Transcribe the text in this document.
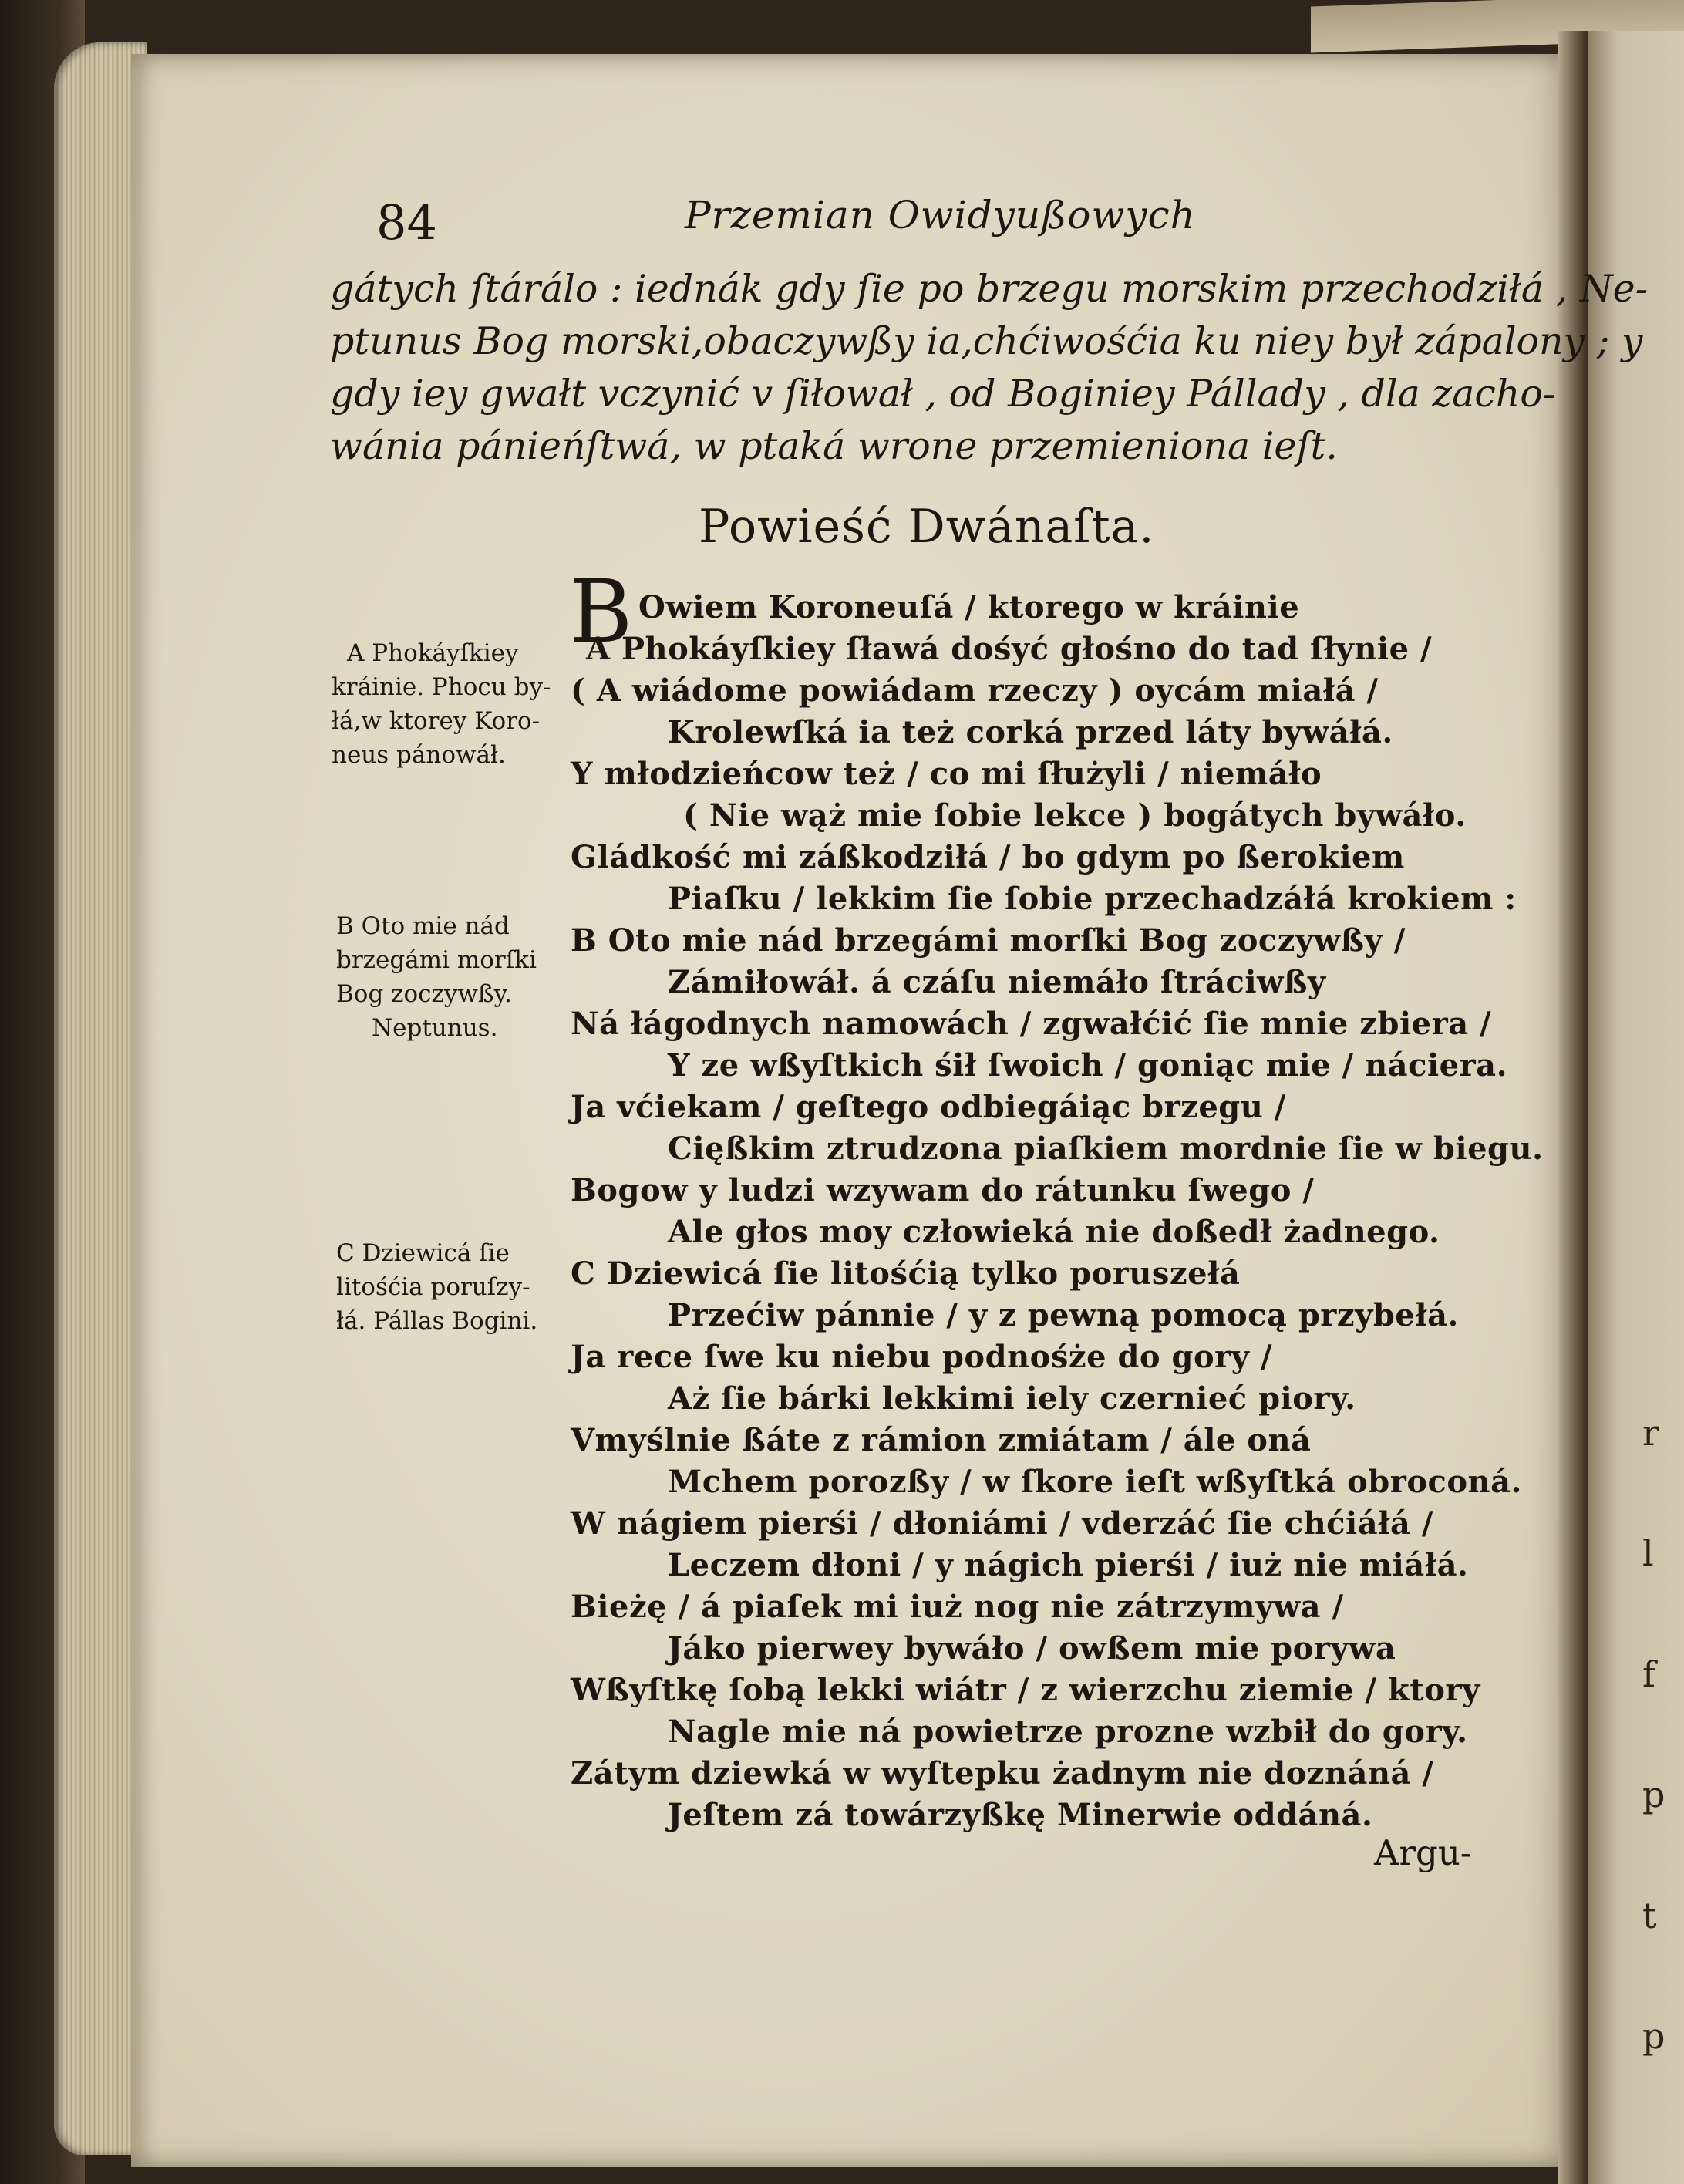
r
l
f
p
t
p
84	Przemian Owidyußowych
gátych ſtárálo : iednák gdy ſie po brzegu morskim przechodziłá , Ne-
ptunus Bog morski,obaczywßy ia,chćiwośćia ku niey był zápalony ; y
gdy iey gwałt vczynić v ſiłował , od Boginiey Pállady , dla zacho-
wánia pánieńſtwá, w ptaká wrone przemieniona ieſt.
Powieść Dwánaſta.
B Owiem Koroneuſá / ktorego w kráinie
A Phokáyſkiey ſławá dośyć głośno do tad ſłynie /
( A wiádome powiádam rzeczy ) oycám miałá /
Krolewſká ia też corká przed láty bywáłá.
Y młodzieńcow też / co mi ſłużyli / niemáło
( Nie wąż mie ſobie lekce ) bogátych bywáło.
Gládkość mi záßkodziłá / bo gdym po ßerokiem
Piaſku / lekkim ſie ſobie przechadzáłá krokiem :
B Oto mie nád brzegámi morſki Bog zoczywßy /
Zámiłowáł. á czáſu niemáło ſtráciwßy
Ná łágodnych namowách / zgwałćić ſie mnie zbiera /
Y ze wßyſtkich śił ſwoich / goniąc mie / náciera.
Ja vćiekam / geſtego odbiegáiąc brzegu /
Cięßkim ztrudzona piaſkiem mordnie ſie w biegu.
Bogow y ludzi wzywam do rátunku ſwego /
Ale głos moy człowieká nie doßedł żadnego.
C Dziewicá ſie litośćią tylko poruszełá
Przećiw pánnie / y z pewną pomocą przybełá.
Ja rece ſwe ku niebu podnośże do gory /
Aż ſie bárki lekkimi iely czernieć piory.
Vmyślnie ßáte z rámion zmiátam / ále oná
Mchem porozßy / w ſkore ieſt wßyſtká obroconá.
W nágiem pierśi / dłoniámi / vderzáć ſie chćiáłá /
Leczem dłoni / y nágich pierśi / iuż nie miáłá.
Bieżę / á piaſek mi iuż nog nie zátrzymywa /
Jáko pierwey bywáło / owßem mie porywa
Wßyſtkę ſobą lekki wiátr / z wierzchu ziemie / ktory
Nagle mie ná powietrze prozne wzbił do gory.
Zátym dziewká w wyſtepku żadnym nie doznáná /
Jeſtem zá towárzyßkę Minerwie oddáná.
A Phokáyſkiey
kráinie. Phocu by-
łá,w ktorey Koro-
neus pánowáł.
B Oto mie nád
brzegámi morſki
Bog zoczywßy.
Neptunus.
C Dziewicá ſie
litośćia poruſzy-
łá. Pállas Bogini.
Argu-
